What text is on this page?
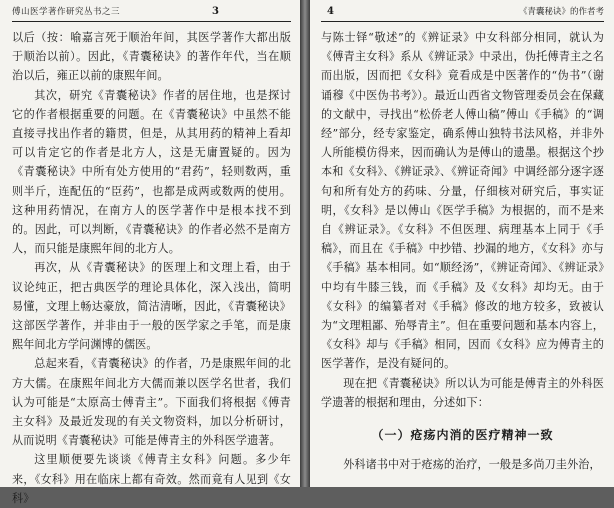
傅山医学著作研究丛书之三	3

以后（按：喻嘉言死于顺治年间，其医学著作大都出版于顺治以前）。因此，《青囊秘诀》的著作年代，当在顺治以后，雍正以前的康熙年间。

其次，研究《青囊秘诀》作者的居住地，也是探讨它的作者根据重要的问题。在《青囊秘诀》中虽然不能直接寻找出作者的籍贯，但是，从其用药的精神上看却可以肯定它的作者是北方人，这是无庸置疑的。因为《青囊秘诀》中所有处方使用的“君药”，轻则数两，重则半斤，连配伍的“臣药”，也都是成两或数两的使用。这种用药情况，在南方人的医学著作中是根本找不到的。因此，可以判断，《青囊秘诀》的作者必然不是南方人，而只能是康熙年间的北方人。

再次，从《青囊秘诀》的医理上和文理上看，由于议论纯正，把古典医学的理论具体化，深入浅出，简明易懂，文理上畅达豪放，简洁清晰，因此，《青囊秘诀》这部医学著作，并非由于一般的医学家之手笔，而是康熙年间北方学问渊博的儒医。

总起来看，《青囊秘诀》的作者，乃是康熙年间的北方大儒。在康熙年间北方大儒而兼以医学名世者，我们认为可能是“太原高士傅青主”。下面我们将根据《傅青主女科》及最近发现的有关文物资料，加以分析研讨，从而说明《青囊秘诀》可能是傅青主的外科医学遗著。

这里顺便要先谈谈《傅青主女科》问题。多少年来，《女科》用在临床上都有奇效。然而竟有人见到《女科》

4	《青囊秘诀》的作者考

与陈士铎“敬述”的《辨证录》中女科部分相同，就认为《傅青主女科》系从《辨证录》中录出，伪托傅青主之名而出版，因而把《女科》竟看成是中医著作的“伪书”（谢诵穆《中医伪书考》）。最近山西省文物管理委员会在保藏的文献中，寻找出“松侨老人傅山稿”傅山《手稿》的“调经”部分，经专家鉴定，确系傅山独特书法风格，并非外人所能模仿得来，因而确认为是傅山的遗墨。根据这个抄本和《女科》、《辨证录》、《辨证奇闻》中调经部分逐字逐句和所有处方的药味、分量，仔细核对研究后，事实证明，《女科》是以傅山《医学手稿》为根据的，而不是来自《辨证录》。《女科》不但医理、病理基本上同于《手稿》，而且在《手稿》中抄错、抄漏的地方，《女科》亦与《手稿》基本相同。如“顺经汤”，《辨证奇闻》、《辨证录》中均有牛膝三钱，而《手稿》及《女科》却均无。由于《女科》的编纂者对《手稿》修改的地方较多，致被认为“文理粗鄙、殆辱青主”。但在重要问题和基本内容上，《女科》却与《手稿》相同，因而《女科》应为傅青主的医学著作，是没有疑问的。

现在把《青囊秘诀》所以认为可能是傅青主的外科医学遗著的根据和理由，分述如下：

（一）疮疡内消的医疗精神一致

外科诸书中对于疮疡的治疗，一般是多尚刀圭外治，
